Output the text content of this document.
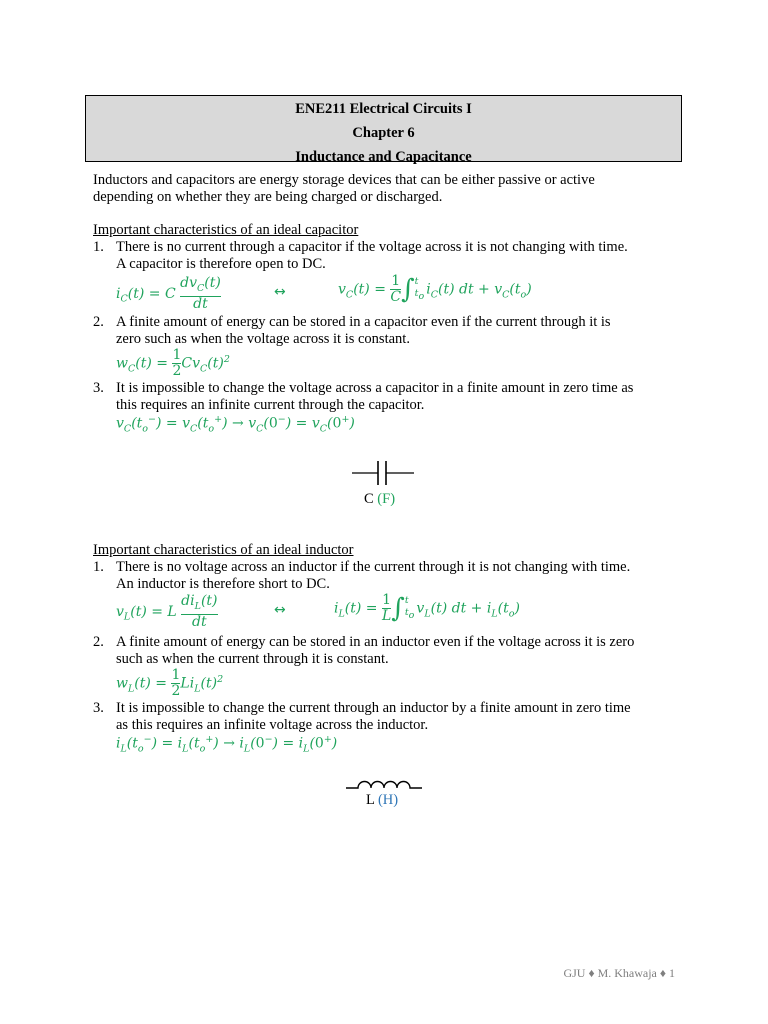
ENE211 Electrical Circuits I
Chapter 6
Inductance and Capacitance
Inductors and capacitors are energy storage devices that can be either passive or active
depending on whether they are being charged or discharged.
Important characteristics of an ideal capacitor
1. There is no current through a capacitor if the voltage across it is not changing with time.
A capacitor is therefore open to DC.
$i_C(t) = C \frac{dv_C(t)}{dt}$	↔	$v_C(t) = \frac{1}{C}$ ∫ t
$t_o$ $i_C(t)$ dt + $v_C(t_o)$
2. A finite amount of energy can be stored in a capacitor even if the current through it is
zero such as when the voltage across it is constant.
$w_C(t) = \frac{1}{2} Cv_C(t)^2$
3. It is impossible to change the voltage across a capacitor in a finite amount in zero time as
this requires an infinite current through the capacitor.
$v_C(t_o^-) = v_C(t_o^+) \to v_C(0^-) = v_C(0^+)$
C (F)
Important characteristics of an ideal inductor
1. There is no voltage across an inductor if the current through it is not changing with time.
An inductor is therefore short to DC.
$v_L(t) = L \frac{di_L(t)}{dt}$	↔	$i_L(t) = \frac{1}{L}$ ∫ t
$t_o$ $v_L(t)$ dt + $i_L(t_o)$
2. A finite amount of energy can be stored in an inductor even if the voltage across it is zero
such as when the current through it is constant.
$w_L(t) = \frac{1}{2} Li_L(t)^2$
3. It is impossible to change the current through an inductor by a finite amount in zero time
as this requires an infinite voltage across the inductor.
$i_L(t_o^-) = i_L(t_o^+) \to i_L(0^-) = i_L(0^+)$
L (H)
GJU ♦ M. Khawaja ♦ 1
